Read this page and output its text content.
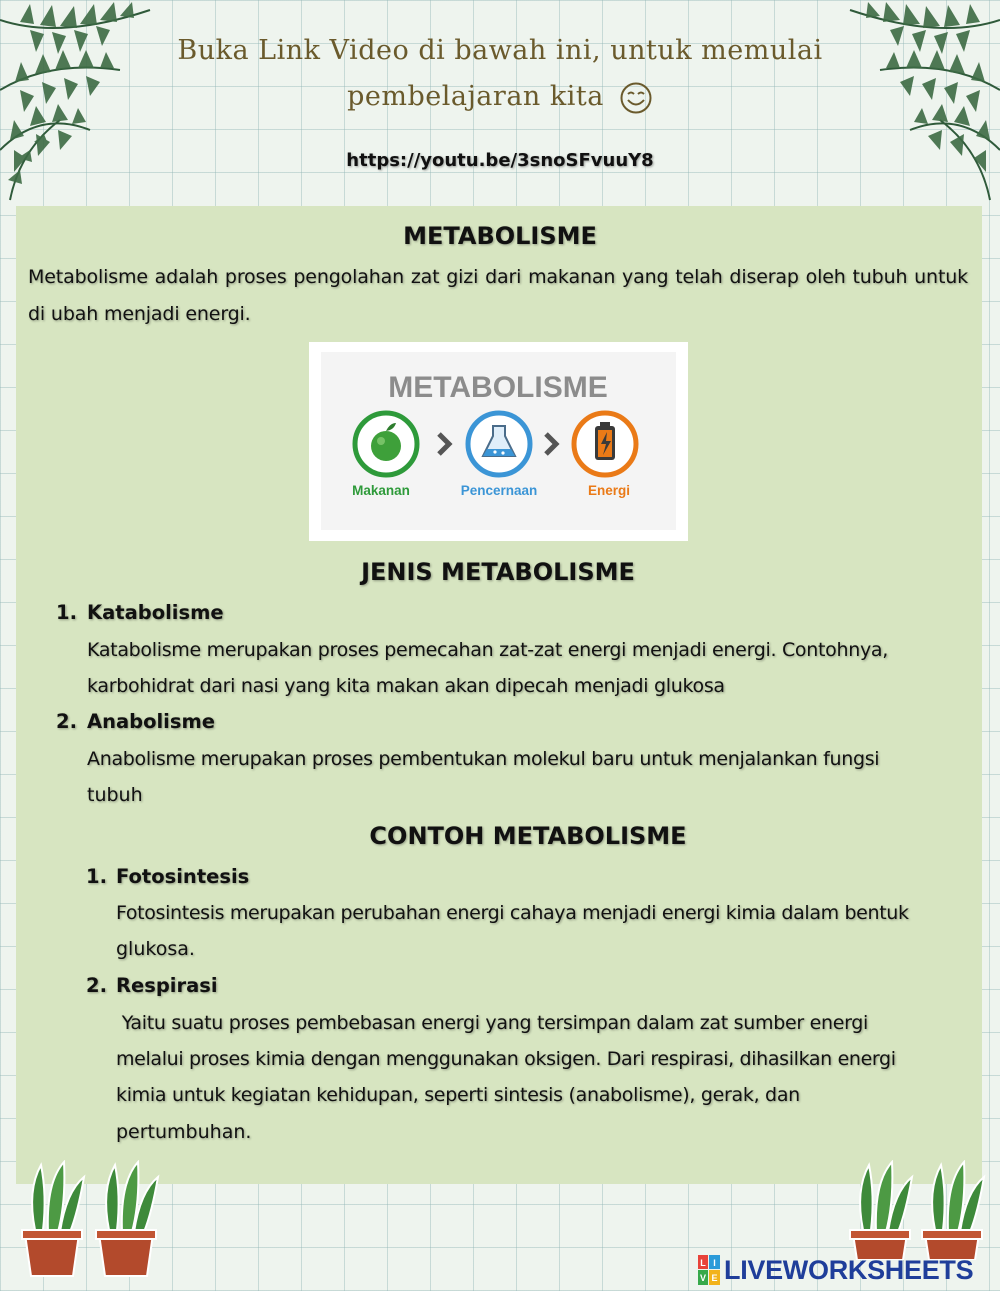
Buka Link Video di bawah ini, untuk memulai
pembelajaran kita
https://youtu.be/3snoSFvuuY8
METABOLISME
Metabolisme adalah proses pengolahan zat gizi dari makanan yang telah diserap oleh tubuh untuk di ubah menjadi energi.
METABOLISME
Makanan	Pencernaan	Energi
JENIS METABOLISME
1. Katabolisme
Katabolisme merupakan proses pemecahan zat-zat energi menjadi energi. Contohnya,
karbohidrat dari nasi yang kita makan akan dipecah menjadi glukosa
2. Anabolisme
Anabolisme merupakan proses pembentukan molekul baru untuk menjalankan fungsi
tubuh
CONTOH METABOLISME
1. Fotosintesis
Fotosintesis merupakan perubahan energi cahaya menjadi energi kimia dalam bentuk
glukosa.
2. Respirasi
Yaitu suatu proses pembebasan energi yang tersimpan dalam zat sumber energi
melalui proses kimia dengan menggunakan oksigen. Dari respirasi, dihasilkan energi
kimia untuk kegiatan kehidupan, seperti sintesis (anabolisme), gerak, dan
pertumbuhan.
L I
V E LIVEWORKSHEETS
